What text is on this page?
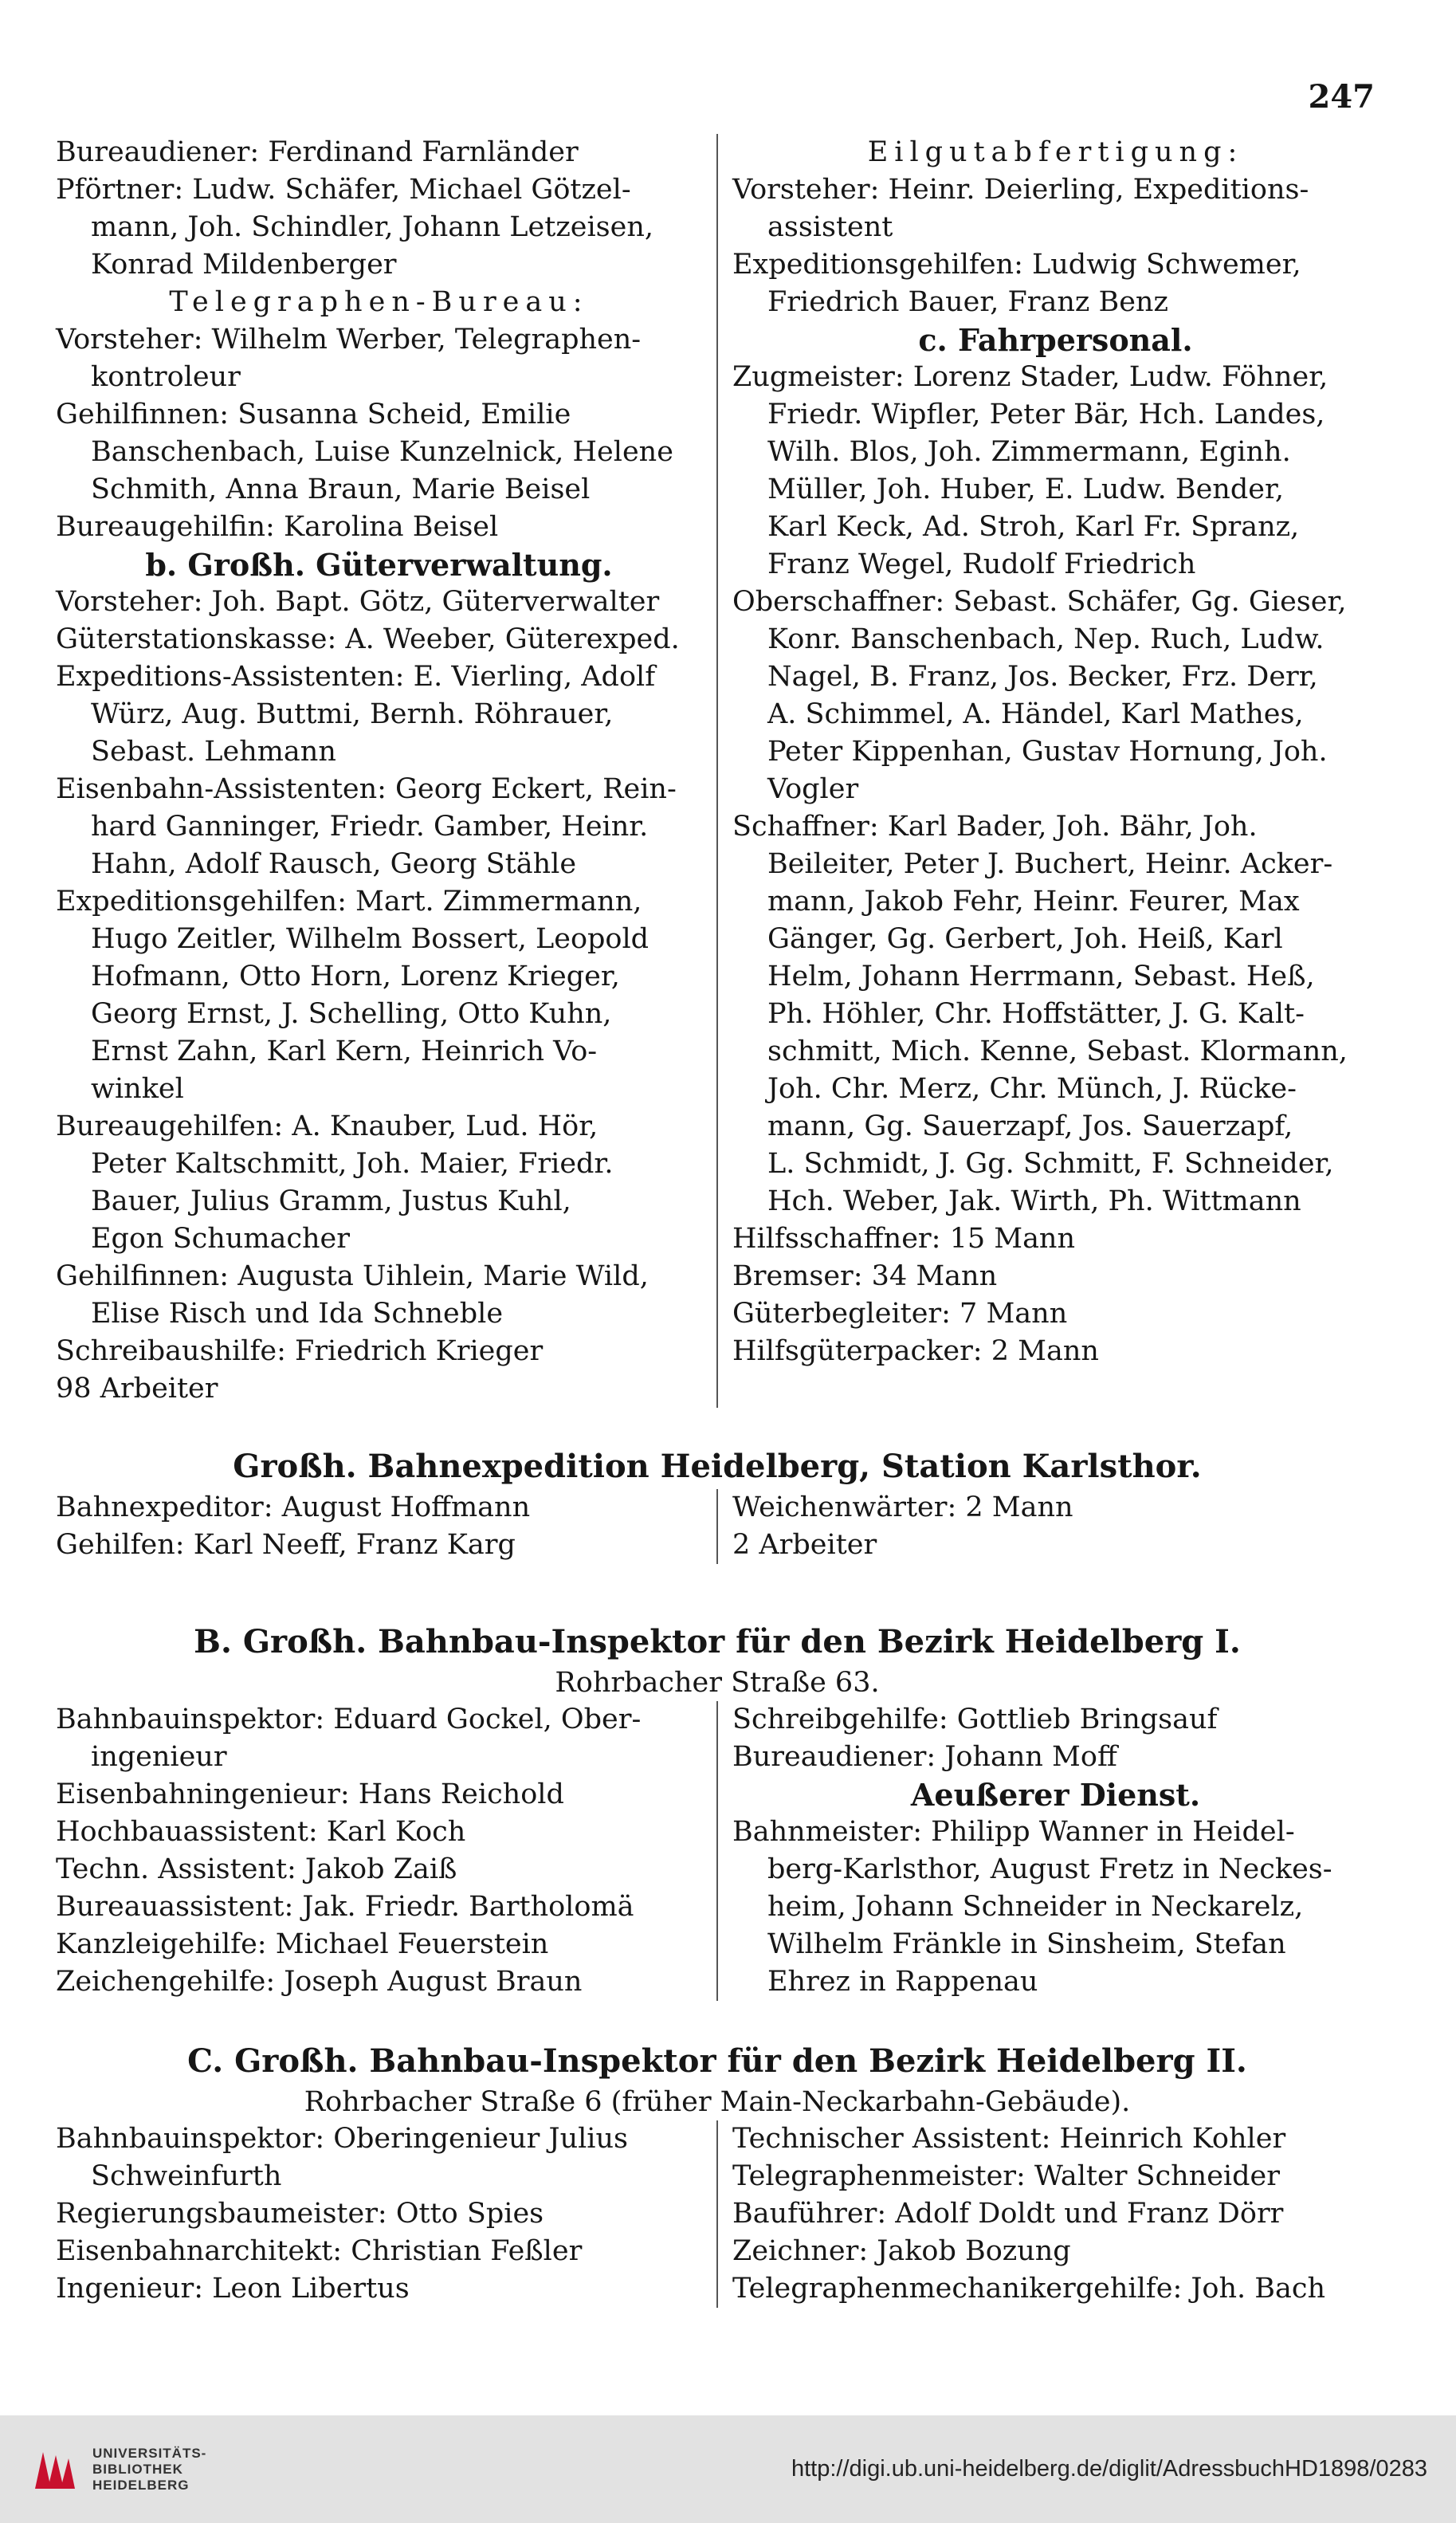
247
Bureaudiener: Ferdinand Farnländer
Pförtner: Ludw. Schäfer, Michael Götzel-
mann, Joh. Schindler, Johann Letzeisen,
Konrad Mildenberger
Telegraphen-Bureau:
Vorsteher: Wilhelm Werber, Telegraphen-
kontroleur
Gehilfinnen: Susanna Scheid, Emilie
Banschenbach, Luise Kunzelnick, Helene
Schmith, Anna Braun, Marie Beisel
Bureaugehilfin: Karolina Beisel
b. Großh. Güterverwaltung.
Vorsteher: Joh. Bapt. Götz, Güterverwalter
Güterstationskasse: A. Weeber, Güterexped.
Expeditions-Assistenten: E. Vierling, Adolf
Würz, Aug. Buttmi, Bernh. Röhrauer,
Sebast. Lehmann
Eisenbahn-Assistenten: Georg Eckert, Rein-
hard Ganninger, Friedr. Gamber, Heinr.
Hahn, Adolf Rausch, Georg Stähle
Expeditionsgehilfen: Mart. Zimmermann,
Hugo Zeitler, Wilhelm Bossert, Leopold
Hofmann, Otto Horn, Lorenz Krieger,
Georg Ernst, J. Schelling, Otto Kuhn,
Ernst Zahn, Karl Kern, Heinrich Vo-
winkel
Bureaugehilfen: A. Knauber, Lud. Hör,
Peter Kaltschmitt, Joh. Maier, Friedr.
Bauer, Julius Gramm, Justus Kuhl,
Egon Schumacher
Gehilfinnen: Augusta Uihlein, Marie Wild,
Elise Risch und Ida Schneble
Schreibaushilfe: Friedrich Krieger
98 Arbeiter
Eilgutabfertigung:
Vorsteher: Heinr. Deierling, Expeditions-
assistent
Expeditionsgehilfen: Ludwig Schwemer,
Friedrich Bauer, Franz Benz
c. Fahrpersonal.
Zugmeister: Lorenz Stader, Ludw. Föhner,
Friedr. Wipfler, Peter Bär, Hch. Landes,
Wilh. Blos, Joh. Zimmermann, Eginh.
Müller, Joh. Huber, E. Ludw. Bender,
Karl Keck, Ad. Stroh, Karl Fr. Spranz,
Franz Wegel, Rudolf Friedrich
Oberschaffner: Sebast. Schäfer, Gg. Gieser,
Konr. Banschenbach, Nep. Ruch, Ludw.
Nagel, B. Franz, Jos. Becker, Frz. Derr,
A. Schimmel, A. Händel, Karl Mathes,
Peter Kippenhan, Gustav Hornung, Joh.
Vogler
Schaffner: Karl Bader, Joh. Bähr, Joh.
Beileiter, Peter J. Buchert, Heinr. Acker-
mann, Jakob Fehr, Heinr. Feurer, Max
Gänger, Gg. Gerbert, Joh. Heiß, Karl
Helm, Johann Herrmann, Sebast. Heß,
Ph. Höhler, Chr. Hoffstätter, J. G. Kalt-
schmitt, Mich. Kenne, Sebast. Klormann,
Joh. Chr. Merz, Chr. Münch, J. Rücke-
mann, Gg. Sauerzapf, Jos. Sauerzapf,
L. Schmidt, J. Gg. Schmitt, F. Schneider,
Hch. Weber, Jak. Wirth, Ph. Wittmann
Hilfsschaffner: 15 Mann
Bremser: 34 Mann
Güterbegleiter: 7 Mann
Hilfsgüterpacker: 2 Mann
Großh. Bahnexpedition Heidelberg, Station Karlsthor.
Bahnexpeditor: August Hoffmann
Gehilfen: Karl Neeff, Franz Karg
Weichenwärter: 2 Mann
2 Arbeiter
B. Großh. Bahnbau-Inspektor für den Bezirk Heidelberg I.
Rohrbacher Straße 63.
Bahnbauinspektor: Eduard Gockel, Ober-
ingenieur
Eisenbahningenieur: Hans Reichold
Hochbauassistent: Karl Koch
Techn. Assistent: Jakob Zaiß
Bureauassistent: Jak. Friedr. Bartholomä
Kanzleigehilfe: Michael Feuerstein
Zeichengehilfe: Joseph August Braun
Schreibgehilfe: Gottlieb Bringsauf
Bureaudiener: Johann Moff
Aeußerer Dienst.
Bahnmeister: Philipp Wanner in Heidel-
berg-Karlsthor, August Fretz in Neckes-
heim, Johann Schneider in Neckarelz,
Wilhelm Fränkle in Sinsheim, Stefan
Ehrez in Rappenau
C. Großh. Bahnbau-Inspektor für den Bezirk Heidelberg II.
Rohrbacher Straße 6 (früher Main-Neckarbahn-Gebäude).
Bahnbauinspektor: Oberingenieur Julius
Schweinfurth
Regierungsbaumeister: Otto Spies
Eisenbahnarchitekt: Christian Feßler
Ingenieur: Leon Libertus
Technischer Assistent: Heinrich Kohler
Telegraphenmeister: Walter Schneider
Bauführer: Adolf Doldt und Franz Dörr
Zeichner: Jakob Bozung
Telegraphenmechanikergehilfe: Joh. Bach
UNIVERSITÄTS-
BIBLIOTHEK
HEIDELBERG
http://digi.ub.uni-heidelberg.de/diglit/AdressbuchHD1898/0283
